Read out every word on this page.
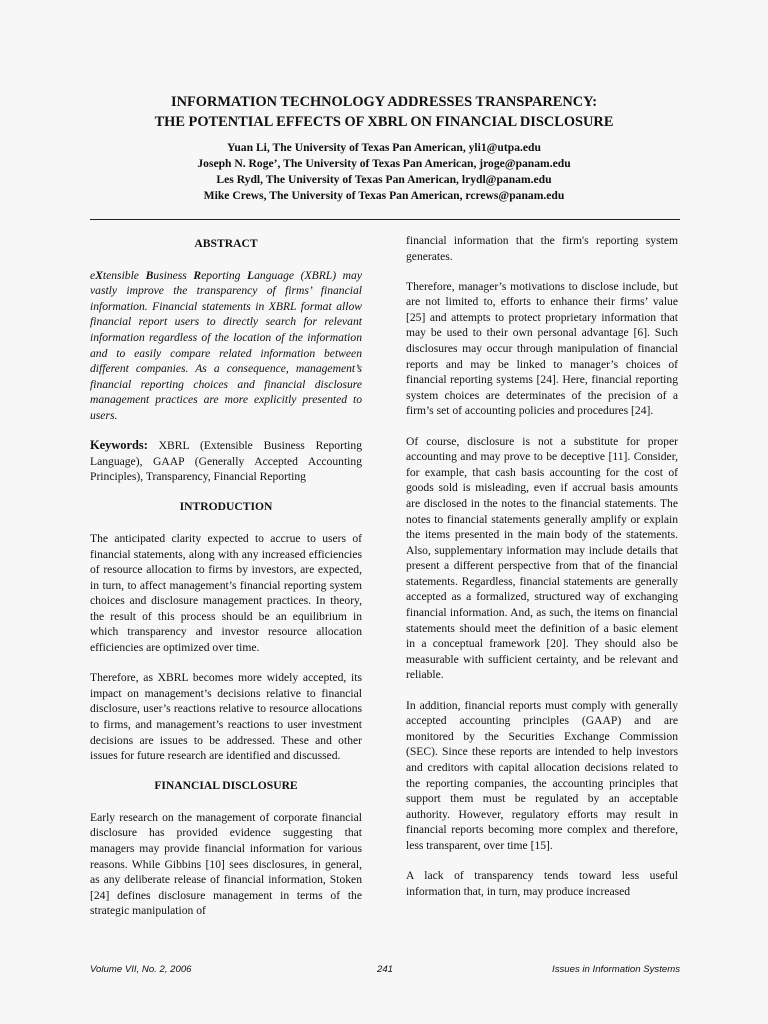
INFORMATION TECHNOLOGY ADDRESSES TRANSPARENCY:
THE POTENTIAL EFFECTS OF XBRL ON FINANCIAL DISCLOSURE
Yuan Li, The University of Texas Pan American, yli1@utpa.edu
Joseph N. Roge’, The University of Texas Pan American, jroge@panam.edu
Les Rydl, The University of Texas Pan American, lrydl@panam.edu
Mike Crews, The University of Texas Pan American, rcrews@panam.edu
ABSTRACT

eXtensible Business Reporting Language (XBRL) may vastly improve the transparency of firms’ financial information. Financial statements in XBRL format allow financial report users to directly search for relevant information regardless of the location of the information and to easily compare related information between different companies. As a consequence, management’s financial reporting choices and financial disclosure management practices are more explicitly presented to users.

Keywords: XBRL (Extensible Business Reporting Language), GAAP (Generally Accepted Accounting Principles), Transparency, Financial Reporting

INTRODUCTION

The anticipated clarity expected to accrue to users of financial statements, along with any increased efficiencies of resource allocation to firms by investors, are expected, in turn, to affect management’s financial reporting system choices and disclosure management practices. In theory, the result of this process should be an equilibrium in which transparency and investor resource allocation efficiencies are optimized over time.

Therefore, as XBRL becomes more widely accepted, its impact on management’s decisions relative to financial disclosure, user’s reactions relative to resource allocations to firms, and management’s reactions to user investment decisions are issues to be addressed. These and other issues for future research are identified and discussed.

FINANCIAL DISCLOSURE

Early research on the management of corporate financial disclosure has provided evidence suggesting that managers may provide financial information for various reasons. While Gibbins [10] sees disclosures, in general, as any deliberate release of financial information, Stoken [24] defines disclosure management in terms of the strategic manipulation of

financial information that the firm's reporting system generates.

Therefore, manager’s motivations to disclose include, but are not limited to, efforts to enhance their firms’ value [25] and attempts to protect proprietary information that may be used to their own personal advantage [6]. Such disclosures may occur through manipulation of financial reports and may be linked to manager’s choices of financial reporting systems [24]. Here, financial reporting system choices are determinates of the precision of a firm’s set of accounting policies and procedures [24].

Of course, disclosure is not a substitute for proper accounting and may prove to be deceptive [11]. Consider, for example, that cash basis accounting for the cost of goods sold is misleading, even if accrual basis amounts are disclosed in the notes to the financial statements. The notes to financial statements generally amplify or explain the items presented in the main body of the statements. Also, supplementary information may include details that present a different perspective from that of the financial statements. Regardless, financial statements are generally accepted as a formalized, structured way of exchanging financial information. And, as such, the items on financial statements should meet the definition of a basic element in a conceptual framework [20]. They should also be measurable with sufficient certainty, and be relevant and reliable.

In addition, financial reports must comply with generally accepted accounting principles (GAAP) and are monitored by the Securities Exchange Commission (SEC). Since these reports are intended to help investors and creditors with capital allocation decisions related to the reporting companies, the accounting principles that support them must be regulated by an acceptable authority. However, regulatory efforts may result in financial reports becoming more complex and therefore, less transparent, over time [15].

A lack of transparency tends toward less useful information that, in turn, may produce increased

Volume VII, No. 2, 2006	241	Issues in Information Systems
